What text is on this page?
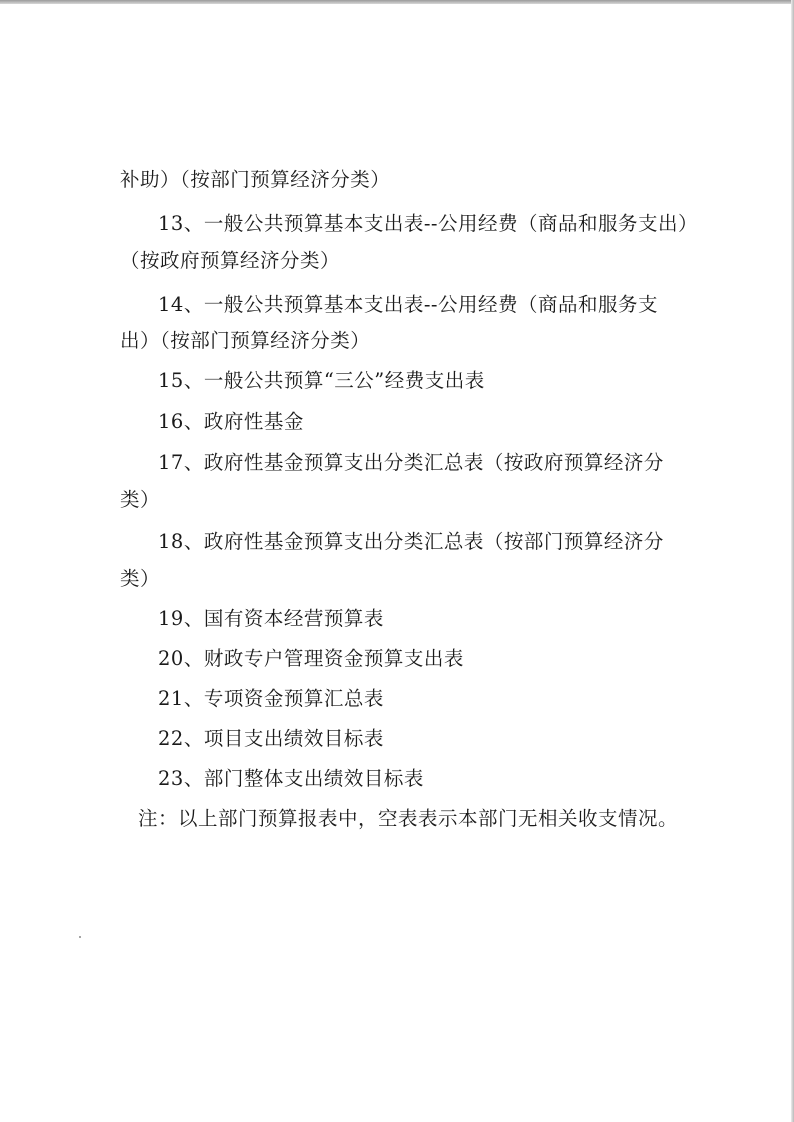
补助）（按部门预算经济分类）
13、一般公共预算基本支出表--公用经费（商品和服务支出）
（按政府预算经济分类）
14、一般公共预算基本支出表--公用经费（商品和服务支
出）（按部门预算经济分类）
15、一般公共预算“三公”经费支出表
16、政府性基金
17、政府性基金预算支出分类汇总表（按政府预算经济分
类）
18、政府性基金预算支出分类汇总表（按部门预算经济分
类）
19、国有资本经营预算表
20、财政专户管理资金预算支出表
21、专项资金预算汇总表
22、项目支出绩效目标表
23、部门整体支出绩效目标表
注：以上部门预算报表中，空表表示本部门无相关收支情况。
